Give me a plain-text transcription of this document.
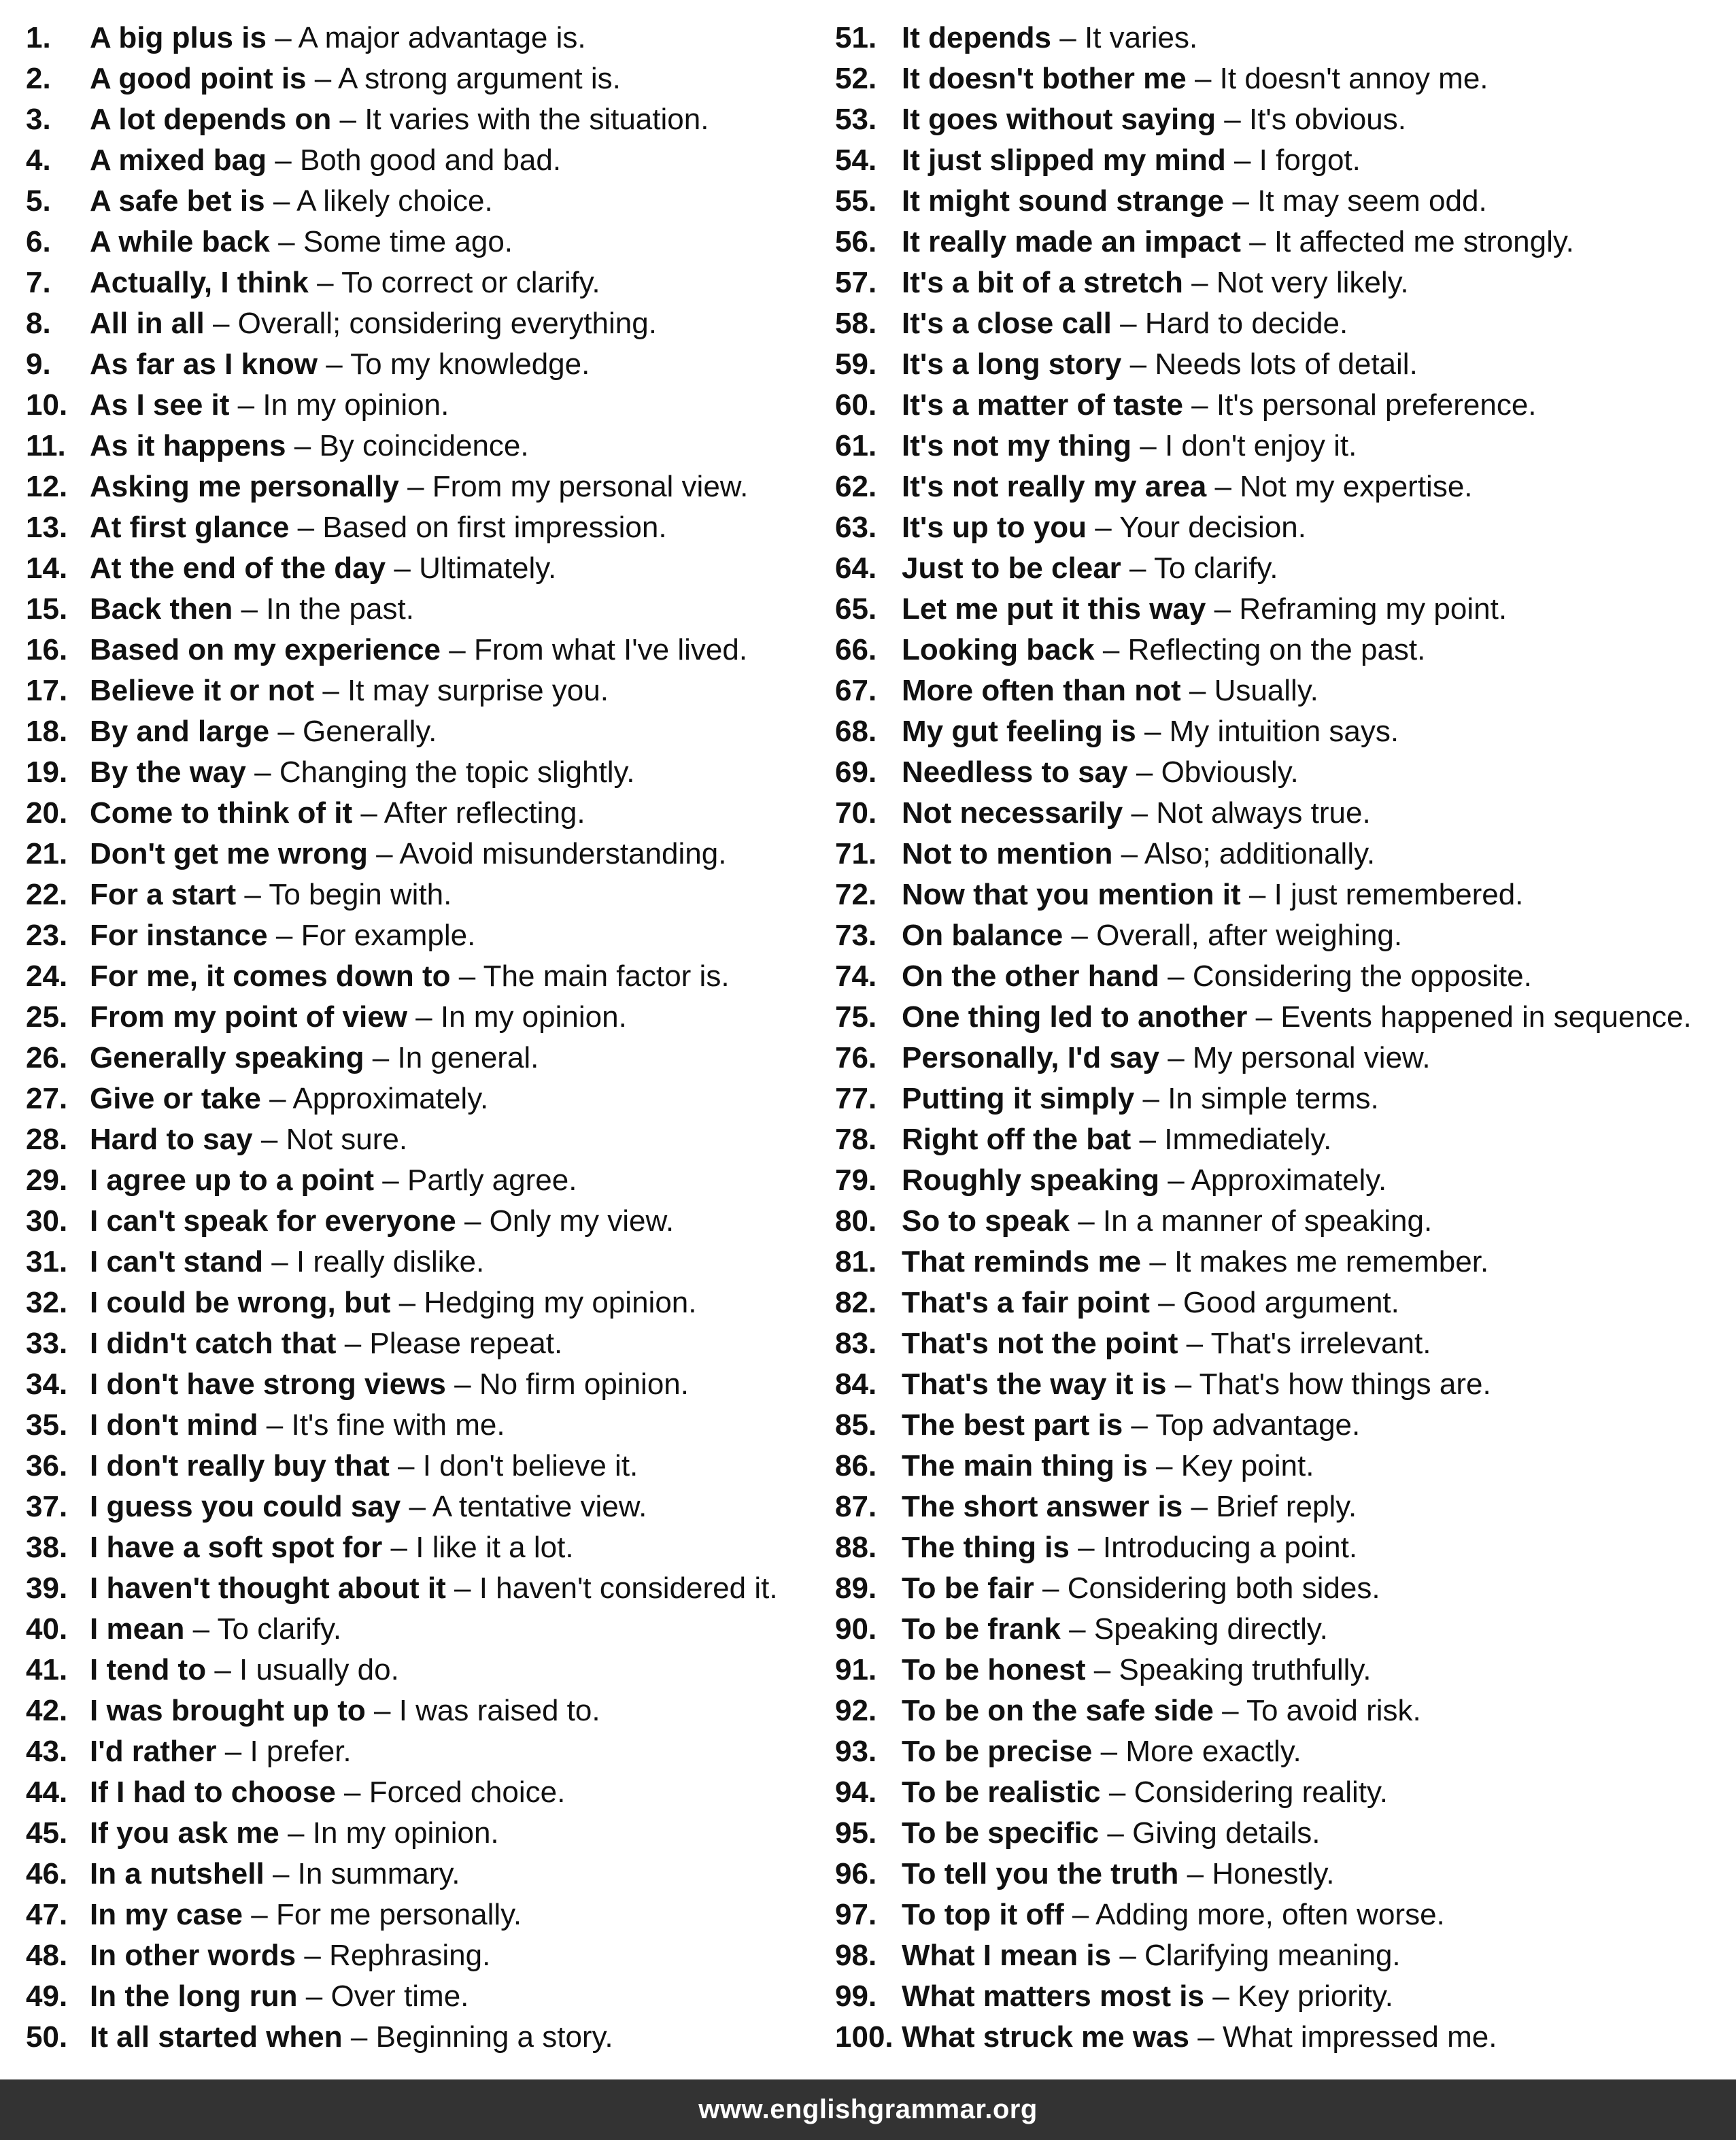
1. A big plus is – A major advantage is.
2. A good point is – A strong argument is.
3. A lot depends on – It varies with the situation.
4. A mixed bag – Both good and bad.
5. A safe bet is – A likely choice.
6. A while back – Some time ago.
7. Actually, I think – To correct or clarify.
8. All in all – Overall; considering everything.
9. As far as I know – To my knowledge.
10. As I see it – In my opinion.
11. As it happens – By coincidence.
12. Asking me personally – From my personal view.
13. At first glance – Based on first impression.
14. At the end of the day – Ultimately.
15. Back then – In the past.
16. Based on my experience – From what I've lived.
17. Believe it or not – It may surprise you.
18. By and large – Generally.
19. By the way – Changing the topic slightly.
20. Come to think of it – After reflecting.
21. Don't get me wrong – Avoid misunderstanding.
22. For a start – To begin with.
23. For instance – For example.
24. For me, it comes down to – The main factor is.
25. From my point of view – In my opinion.
26. Generally speaking – In general.
27. Give or take – Approximately.
28. Hard to say – Not sure.
29. I agree up to a point – Partly agree.
30. I can't speak for everyone – Only my view.
31. I can't stand – I really dislike.
32. I could be wrong, but – Hedging my opinion.
33. I didn't catch that – Please repeat.
34. I don't have strong views – No firm opinion.
35. I don't mind – It's fine with me.
36. I don't really buy that – I don't believe it.
37. I guess you could say – A tentative view.
38. I have a soft spot for – I like it a lot.
39. I haven't thought about it – I haven't considered it.
40. I mean – To clarify.
41. I tend to – I usually do.
42. I was brought up to – I was raised to.
43. I'd rather – I prefer.
44. If I had to choose – Forced choice.
45. If you ask me – In my opinion.
46. In a nutshell – In summary.
47. In my case – For me personally.
48. In other words – Rephrasing.
49. In the long run – Over time.
50. It all started when – Beginning a story.
51. It depends – It varies.
52. It doesn't bother me – It doesn't annoy me.
53. It goes without saying – It's obvious.
54. It just slipped my mind – I forgot.
55. It might sound strange – It may seem odd.
56. It really made an impact – It affected me strongly.
57. It's a bit of a stretch – Not very likely.
58. It's a close call – Hard to decide.
59. It's a long story – Needs lots of detail.
60. It's a matter of taste – It's personal preference.
61. It's not my thing – I don't enjoy it.
62. It's not really my area – Not my expertise.
63. It's up to you – Your decision.
64. Just to be clear – To clarify.
65. Let me put it this way – Reframing my point.
66. Looking back – Reflecting on the past.
67. More often than not – Usually.
68. My gut feeling is – My intuition says.
69. Needless to say – Obviously.
70. Not necessarily – Not always true.
71. Not to mention – Also; additionally.
72. Now that you mention it – I just remembered.
73. On balance – Overall, after weighing.
74. On the other hand – Considering the opposite.
75. One thing led to another – Events happened in sequence.
76. Personally, I'd say – My personal view.
77. Putting it simply – In simple terms.
78. Right off the bat – Immediately.
79. Roughly speaking – Approximately.
80. So to speak – In a manner of speaking.
81. That reminds me – It makes me remember.
82. That's a fair point – Good argument.
83. That's not the point – That's irrelevant.
84. That's the way it is – That's how things are.
85. The best part is – Top advantage.
86. The main thing is – Key point.
87. The short answer is – Brief reply.
88. The thing is – Introducing a point.
89. To be fair – Considering both sides.
90. To be frank – Speaking directly.
91. To be honest – Speaking truthfully.
92. To be on the safe side – To avoid risk.
93. To be precise – More exactly.
94. To be realistic – Considering reality.
95. To be specific – Giving details.
96. To tell you the truth – Honestly.
97. To top it off – Adding more, often worse.
98. What I mean is – Clarifying meaning.
99. What matters most is – Key priority.
100. What struck me was – What impressed me.
www.englishgrammar.org
